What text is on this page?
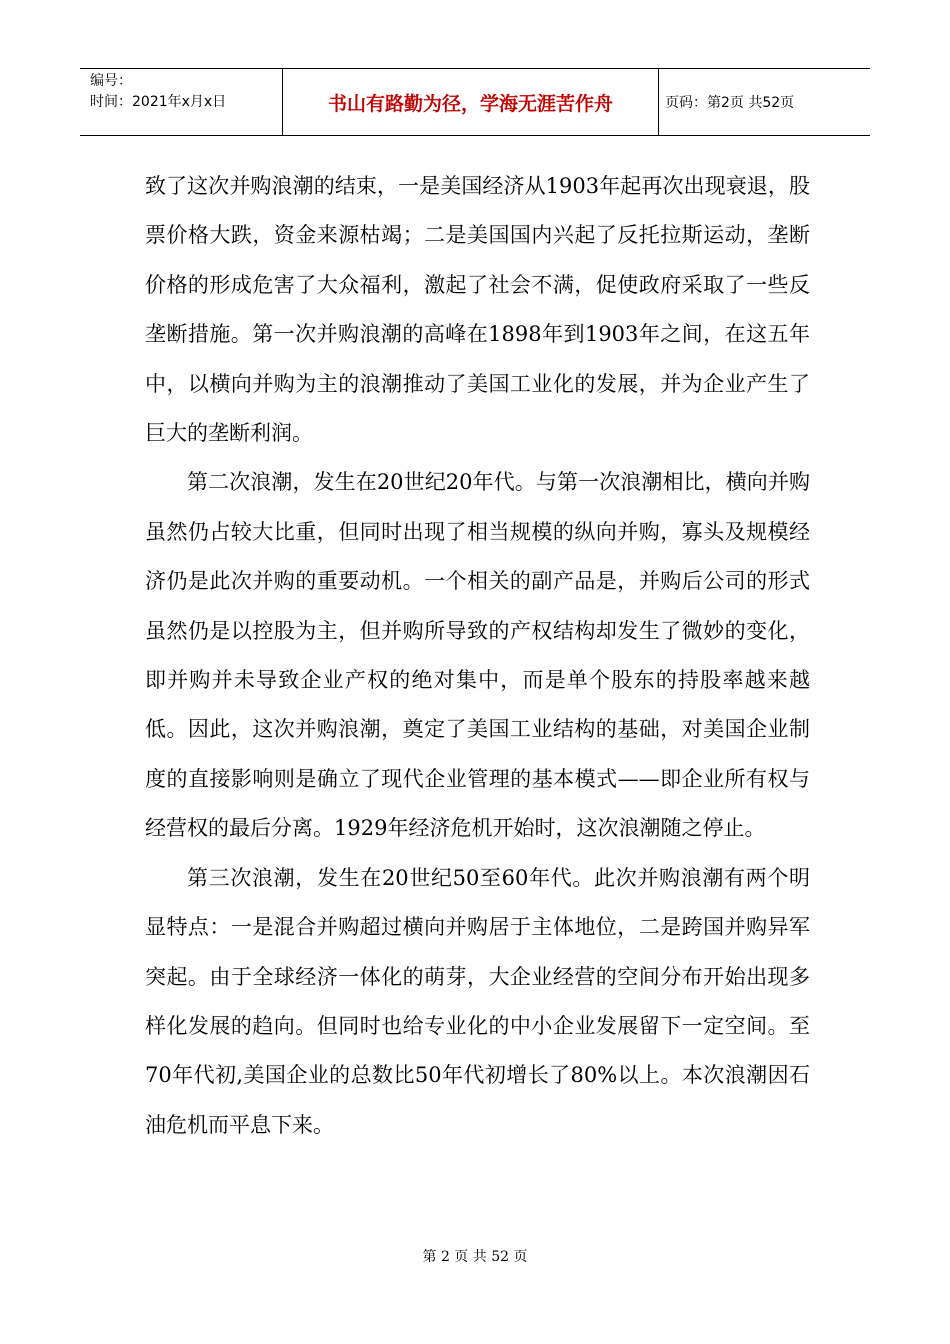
编号：
时间：2021年x月x日	书山有路勤为径，学海无涯苦作舟	页码：第2页 共52页

致了这次并购浪潮的结束，一是美国经济从1903年起再次出现衰退，股票价格大跌，资金来源枯竭；二是美国国内兴起了反托拉斯运动，垄断价格的形成危害了大众福利，激起了社会不满，促使政府采取了一些反垄断措施。第一次并购浪潮的高峰在1898年到1903年之间，在这五年中，以横向并购为主的浪潮推动了美国工业化的发展，并为企业产生了巨大的垄断利润。

第二次浪潮，发生在20世纪20年代。与第一次浪潮相比，横向并购虽然仍占较大比重，但同时出现了相当规模的纵向并购，寡头及规模经济仍是此次并购的重要动机。一个相关的副产品是，并购后公司的形式虽然仍是以控股为主，但并购所导致的产权结构却发生了微妙的变化，即并购并未导致企业产权的绝对集中，而是单个股东的持股率越来越低。因此，这次并购浪潮，奠定了美国工业结构的基础，对美国企业制度的直接影响则是确立了现代企业管理的基本模式——即企业所有权与经营权的最后分离。1929年经济危机开始时，这次浪潮随之停止。

第三次浪潮，发生在20世纪50至60年代。此次并购浪潮有两个明显特点：一是混合并购超过横向并购居于主体地位，二是跨国并购异军突起。由于全球经济一体化的萌芽，大企业经营的空间分布开始出现多样化发展的趋向。但同时也给专业化的中小企业发展留下一定空间。至70年代初,美国企业的总数比50年代初增长了80%以上。本次浪潮因石油危机而平息下来。

第 2 页 共 52 页
